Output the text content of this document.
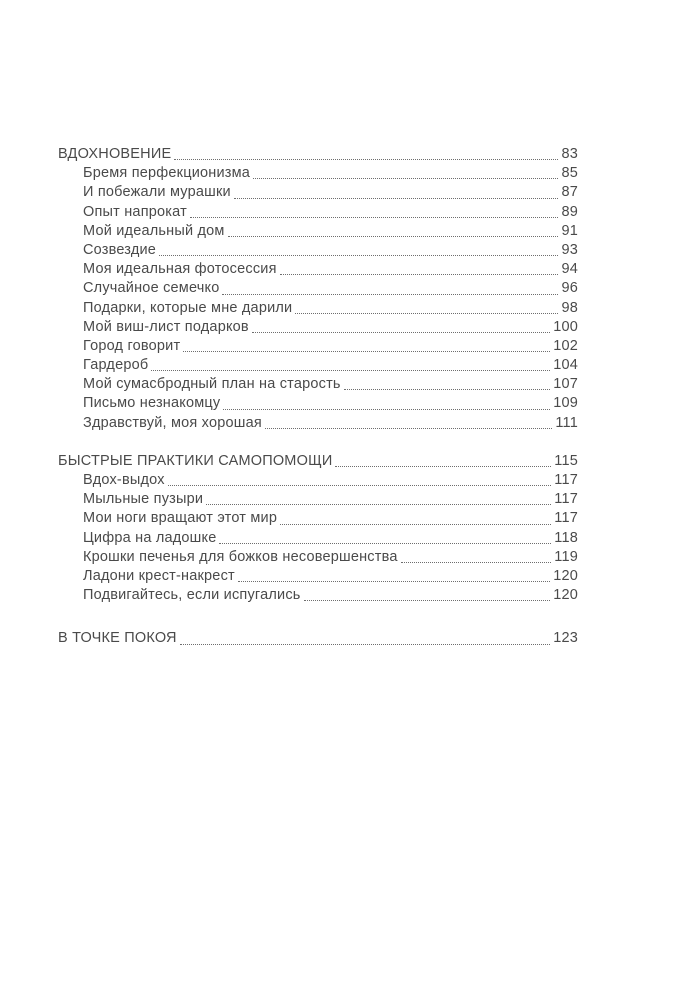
ВДОХНОВЕНИЕ	83
Бремя перфекционизма	85
И побежали мурашки	87
Опыт напрокат	89
Мой идеальный дом	91
Созвездие	93
Моя идеальная фотосессия	94
Случайное семечко	96
Подарки, которые мне дарили	98
Мой виш-лист подарков	100
Город говорит	102
Гардероб	104
Мой сумасбродный план на старость	107
Письмо незнакомцу	109
Здравствуй, моя хорошая	111
БЫСТРЫЕ ПРАКТИКИ САМОПОМОЩИ	115
Вдох-выдох	117
Мыльные пузыри	117
Мои ноги вращают этот мир	117
Цифра на ладошке	118
Крошки печенья для божков несовершенства	119
Ладони крест-накрест	120
Подвигайтесь, если испугались	120
В ТОЧКЕ ПОКОЯ	123
